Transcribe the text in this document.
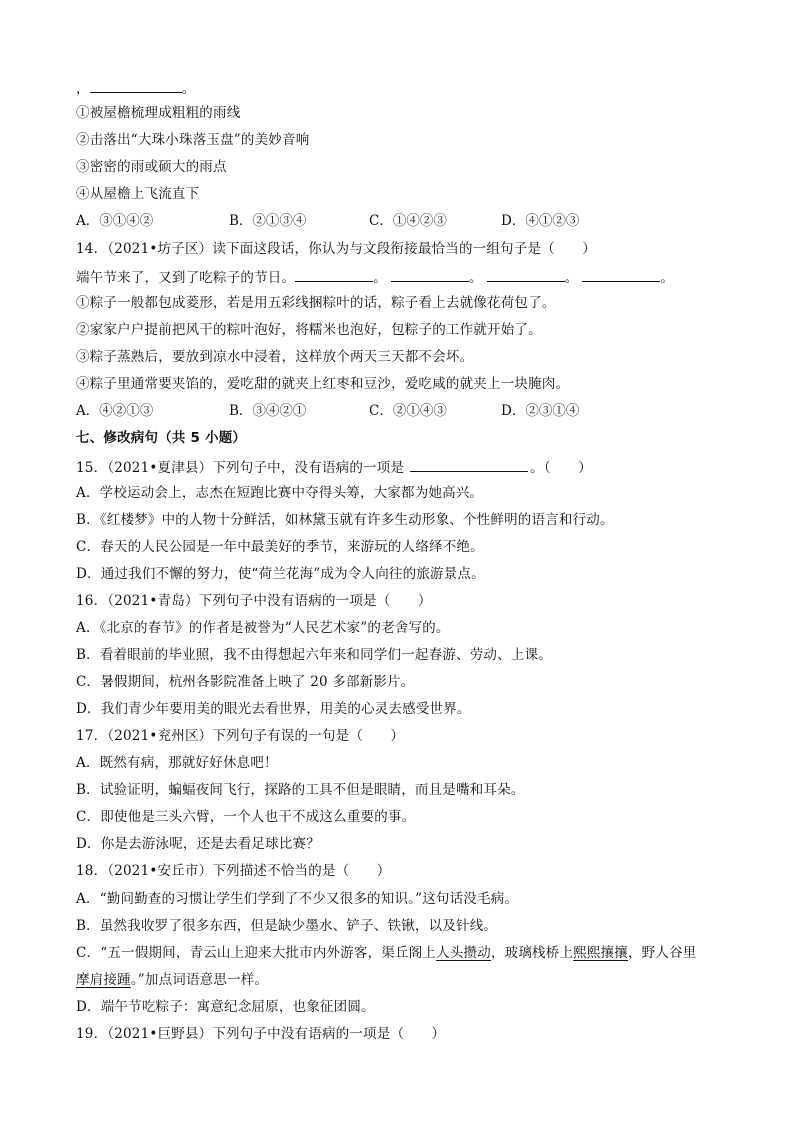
，	。
①被屋檐梳理成粗粗的雨线
②击落出“大珠小珠落玉盘”的美妙音响
③密密的雨或硕大的雨点
④从屋檐上飞流直下
A．③①④②	B．②①③④	C．①④②③	D．④①②③
14．（2021•坊子区）读下面这段话，你认为与文段衔接最恰当的一组句子是（　　）
端午节来了，又到了吃粽子的节日。	。	。	。	。
①粽子一般都包成菱形，若是用五彩线捆粽叶的话，粽子看上去就像花荷包了。
②家家户户提前把风干的粽叶泡好，将糯米也泡好，包粽子的工作就开始了。
③粽子蒸熟后，要放到凉水中浸着，这样放个两天三天都不会坏。
④粽子里通常要夹馅的，爱吃甜的就夹上红枣和豆沙，爱吃咸的就夹上一块腌肉。
A．④②①③	B．③④②①	C．②①④③	D．②③①④
七、修改病句（共 5 小题）
15．（2021•夏津县）下列句子中，没有语病的一项是	。（　　）
A．学校运动会上，志杰在短跑比赛中夺得头筹，大家都为她高兴。
B．《红楼梦》中的人物十分鲜活，如林黛玉就有许多生动形象、个性鲜明的语言和行动。
C．春天的人民公园是一年中最美好的季节，来游玩的人络绎不绝。
D．通过我们不懈的努力，使“荷兰花海”成为令人向往的旅游景点。
16．（2021•青岛）下列句子中没有语病的一项是（　　）
A．《北京的春节》的作者是被誉为“人民艺术家”的老舍写的。
B．看着眼前的毕业照，我不由得想起六年来和同学们一起春游、劳动、上课。
C．暑假期间，杭州各影院准备上映了 20 多部新影片。
D．我们青少年要用美的眼光去看世界，用美的心灵去感受世界。
17．（2021•兖州区）下列句子有误的一句是（　　）
A．既然有病，那就好好休息吧！
B．试验证明，蝙蝠夜间飞行，探路的工具不但是眼睛，而且是嘴和耳朵。
C．即使他是三头六臂，一个人也干不成这么重要的事。
D．你是去游泳呢，还是去看足球比赛？
18．（2021•安丘市）下列描述不恰当的是（　　）
A．“勤问勤查的习惯让学生们学到了不少又很多的知识。”这句话没毛病。
B．虽然我收罗了很多东西，但是缺少墨水、铲子、铁锹，以及针线。
C．“五一假期间，青云山上迎来大批市内外游客，渠丘阁上人头攒动，玻璃栈桥上熙熙攘攘，野人谷里
摩肩接踵。”加点词语意思一样。
D．端午节吃粽子：寓意纪念屈原，也象征团圆。
19．（2021•巨野县）下列句子中没有语病的一项是（　　）
